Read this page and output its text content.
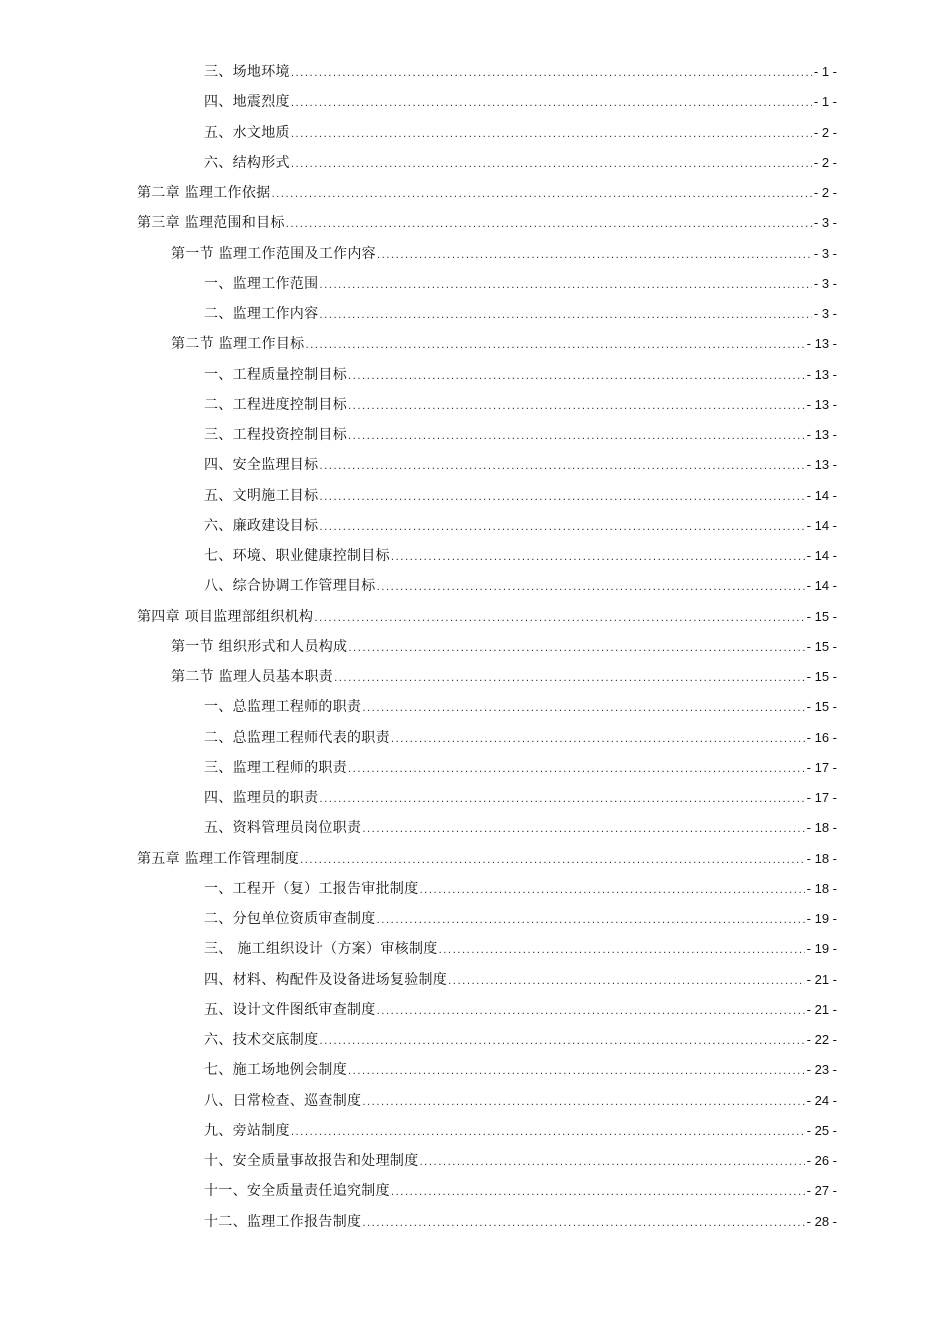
三、场地环境 .....	- 1 -
四、地震烈度 .....	- 1 -
五、水文地质 .....	- 2 -
六、结构形式 .....	- 2 -
第二章 监理工作依据 .....	- 2 -
第三章 监理范围和目标 .....	- 3 -
第一节 监理工作范围及工作内容 .....	- 3 -
一、监理工作范围 .....	- 3 -
二、监理工作内容 .....	- 3 -
第二节 监理工作目标 .....	- 13 -
一、工程质量控制目标 .....	- 13 -
二、工程进度控制目标 .....	- 13 -
三、工程投资控制目标 .....	- 13 -
四、安全监理目标 .....	- 13 -
五、文明施工目标 .....	- 14 -
六、廉政建设目标 .....	- 14 -
七、环境、职业健康控制目标 .....	- 14 -
八、综合协调工作管理目标 .....	- 14 -
第四章 项目监理部组织机构 .....	- 15 -
第一节 组织形式和人员构成 .....	- 15 -
第二节 监理人员基本职责 .....	- 15 -
一、总监理工程师的职责 .....	- 15 -
二、总监理工程师代表的职责 .....	- 16 -
三、监理工程师的职责 .....	- 17 -
四、监理员的职责 .....	- 17 -
五、资料管理员岗位职责 .....	- 18 -
第五章 监理工作管理制度 .....	- 18 -
一、工程开（复）工报告审批制度 .....	- 18 -
二、分包单位资质审查制度 .....	- 19 -
三、 施工组织设计（方案）审核制度 .....	- 19 -
四、材料、构配件及设备进场复验制度 .....	- 21 -
五、设计文件图纸审查制度 .....	- 21 -
六、技术交底制度 .....	- 22 -
七、施工场地例会制度 .....	- 23 -
八、日常检查、巡查制度 .....	- 24 -
九、旁站制度 .....	- 25 -
十、安全质量事故报告和处理制度 .....	- 26 -
十一、安全质量责任追究制度 .....	- 27 -
十二、监理工作报告制度 .....	- 28 -
